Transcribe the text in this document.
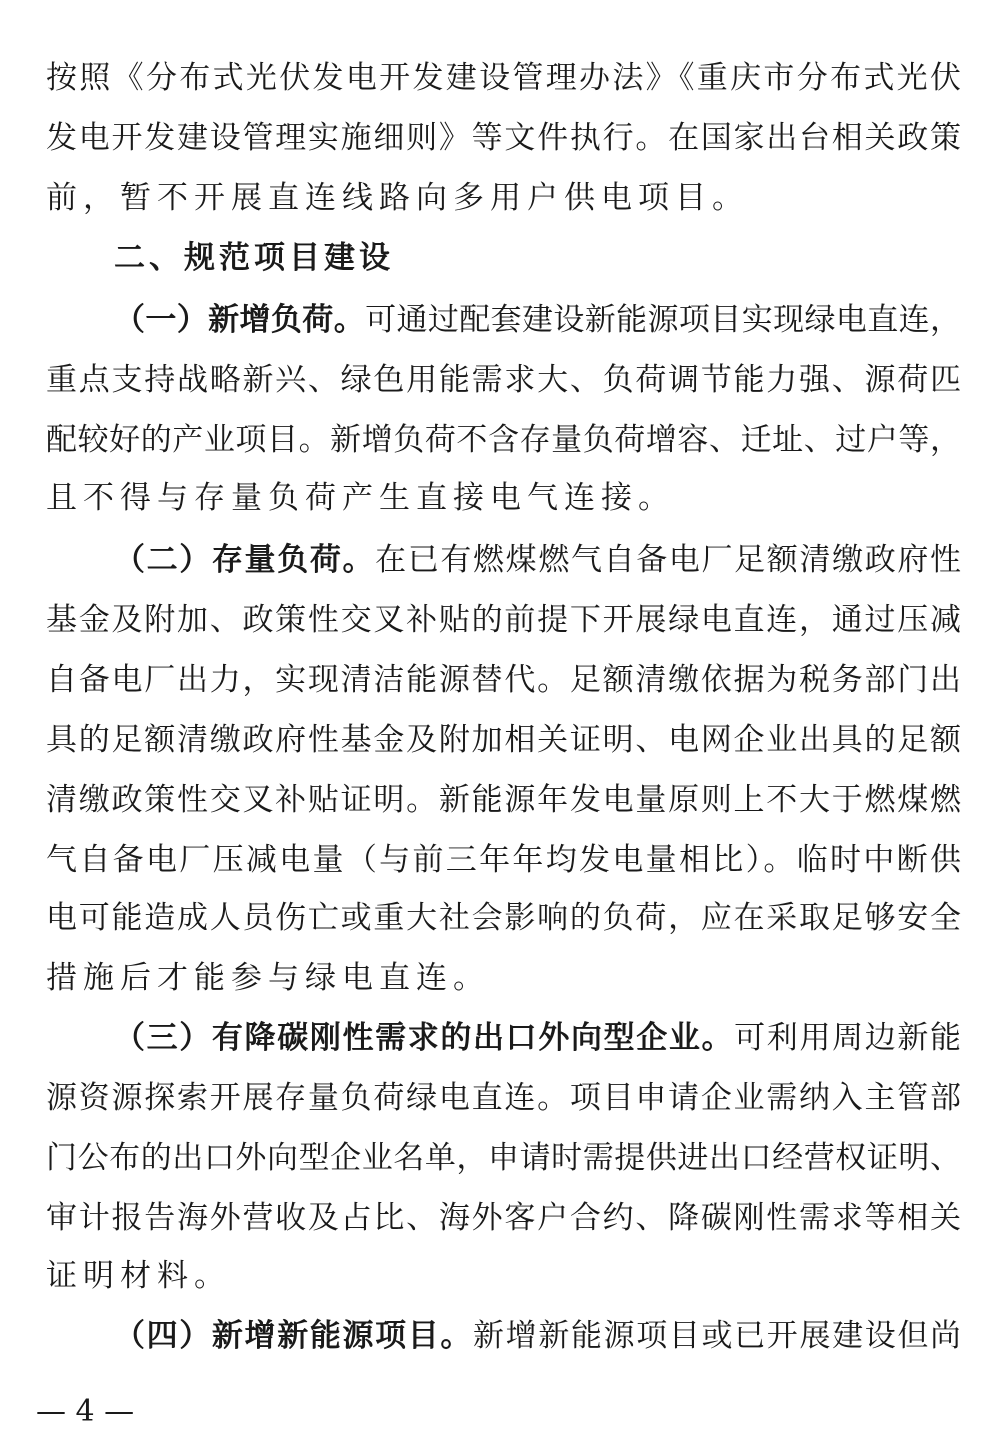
按照《分布式光伏发电开发建设管理办法》《重庆市分布式光伏
发电开发建设管理实施细则》等文件执行。在国家出台相关政策
前，暂不开展直连线路向多用户供电项目。
二、规范项目建设
（一）新增负荷。可通过配套建设新能源项目实现绿电直连，
重点支持战略新兴、绿色用能需求大、负荷调节能力强、源荷匹
配较好的产业项目。新增负荷不含存量负荷增容、迁址、过户等，
且不得与存量负荷产生直接电气连接。
（二）存量负荷。在已有燃煤燃气自备电厂足额清缴政府性
基金及附加、政策性交叉补贴的前提下开展绿电直连，通过压减
自备电厂出力，实现清洁能源替代。足额清缴依据为税务部门出
具的足额清缴政府性基金及附加相关证明、电网企业出具的足额
清缴政策性交叉补贴证明。新能源年发电量原则上不大于燃煤燃
气自备电厂压减电量（与前三年年均发电量相比）。临时中断供
电可能造成人员伤亡或重大社会影响的负荷，应在采取足够安全
措施后才能参与绿电直连。
（三）有降碳刚性需求的出口外向型企业。可利用周边新能
源资源探索开展存量负荷绿电直连。项目申请企业需纳入主管部
门公布的出口外向型企业名单，申请时需提供进出口经营权证明、
审计报告海外营收及占比、海外客户合约、降碳刚性需求等相关
证明材料。
（四）新增新能源项目。新增新能源项目或已开展建设但尚
— 4 —
